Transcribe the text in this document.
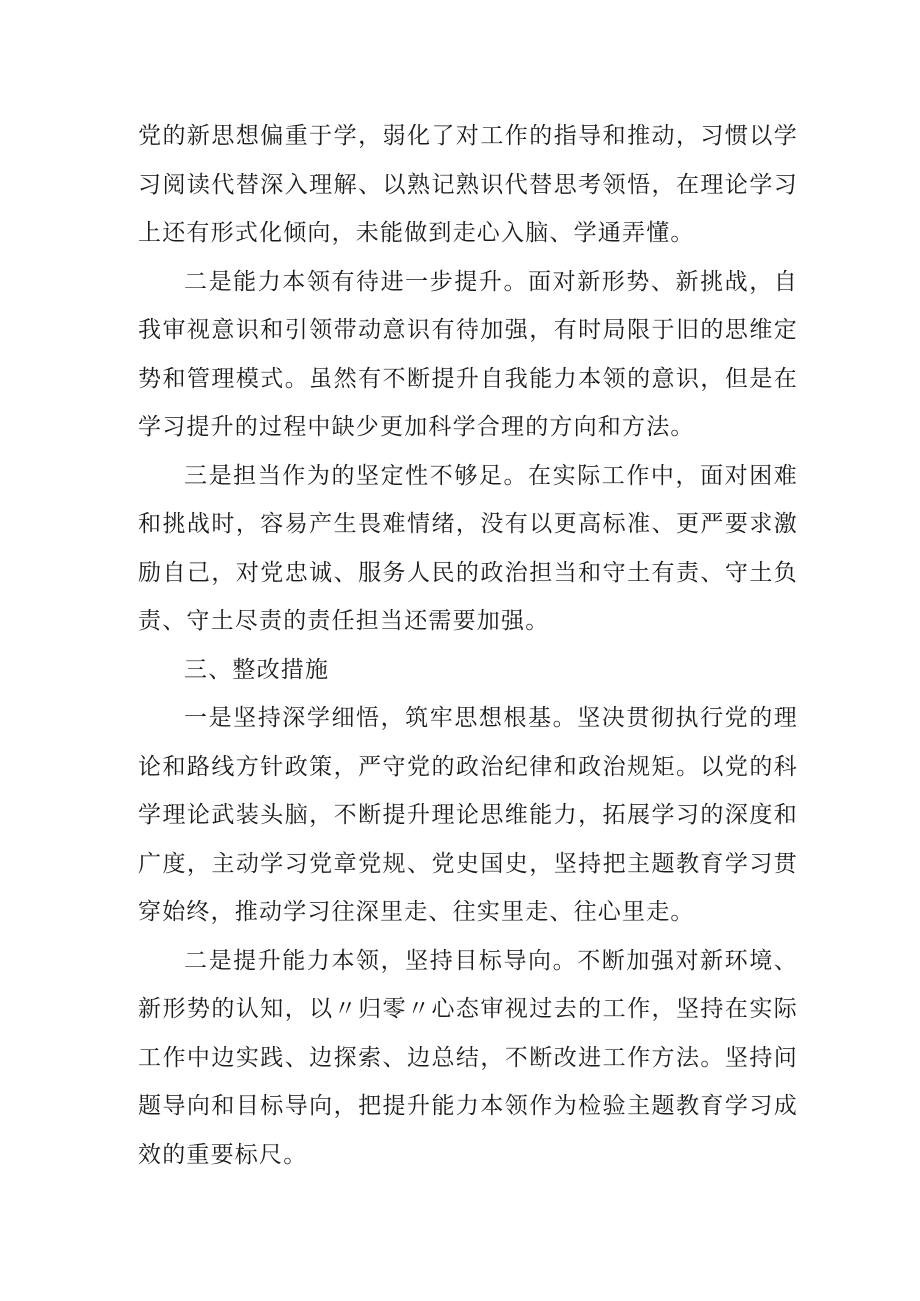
党的新思想偏重于学，弱化了对工作的指导和推动，习惯以学习阅读代替深入理解、以熟记熟识代替思考领悟，在理论学习上还有形式化倾向，未能做到走心入脑、学通弄懂。

二是能力本领有待进一步提升。面对新形势、新挑战，自我审视意识和引领带动意识有待加强，有时局限于旧的思维定势和管理模式。虽然有不断提升自我能力本领的意识，但是在学习提升的过程中缺少更加科学合理的方向和方法。

三是担当作为的坚定性不够足。在实际工作中，面对困难和挑战时，容易产生畏难情绪，没有以更高标准、更严要求激励自己，对党忠诚、服务人民的政治担当和守土有责、守土负责、守土尽责的责任担当还需要加强。

三、整改措施

一是坚持深学细悟，筑牢思想根基。坚决贯彻执行党的理论和路线方针政策，严守党的政治纪律和政治规矩。以党的科学理论武装头脑，不断提升理论思维能力，拓展学习的深度和广度，主动学习党章党规、党史国史，坚持把主题教育学习贯穿始终，推动学习往深里走、往实里走、往心里走。

二是提升能力本领，坚持目标导向。不断加强对新环境、新形势的认知，以〃归零〃心态审视过去的工作，坚持在实际工作中边实践、边探索、边总结，不断改进工作方法。坚持问题导向和目标导向，把提升能力本领作为检验主题教育学习成效的重要标尺。
